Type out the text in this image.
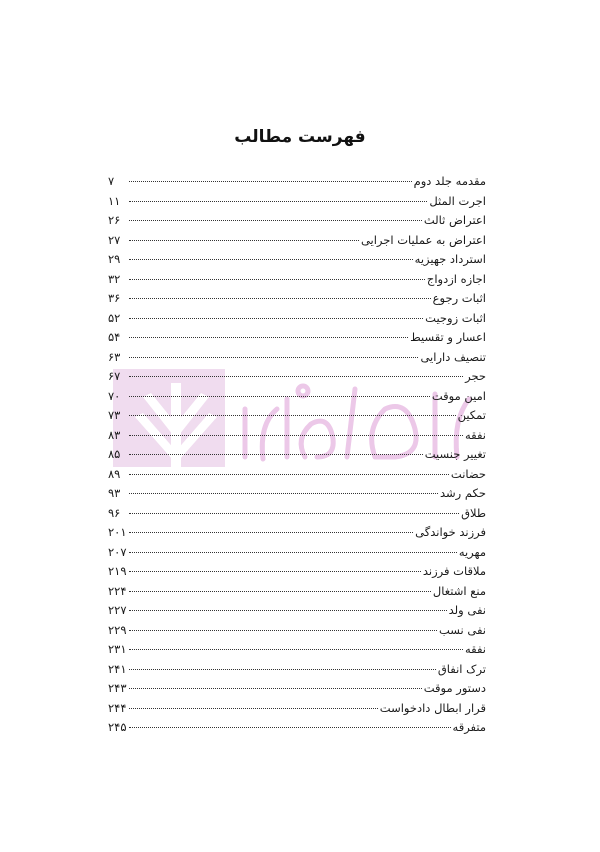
فهرست مطالب
مقدمه جلد دوم
۷
اجرت المثل
۱۱
اعتراض ثالث
۲۶
اعتراض به عملیات اجرایی
۲۷
استرداد جهیزیه
۲۹
اجازه ازدواج
۳۲
اثبات رجوع
۳۶
اثبات زوجیت
۵۲
اعسار و تقسیط
۵۴
تنصیف دارایی
۶۳
حجر
۶۷
امین موقت
۷۰
تمکین
۷۳
نفقه
۸۳
تغییر جنسیت
۸۵
حضانت
۸۹
حکم رشد
۹۳
طلاق
۹۶
فرزند خواندگی
۲۰۱
مهریه
۲۰۷
ملاقات فرزند
۲۱۹
منع اشتغال
۲۲۴
نفی ولد
۲۲۷
نفی نسب
۲۲۹
نفقه
۲۳۱
ترک انفاق
۲۴۱
دستور موقت
۲۴۳
قرار ابطال دادخواست
۲۴۴
متفرقه
۲۴۵
